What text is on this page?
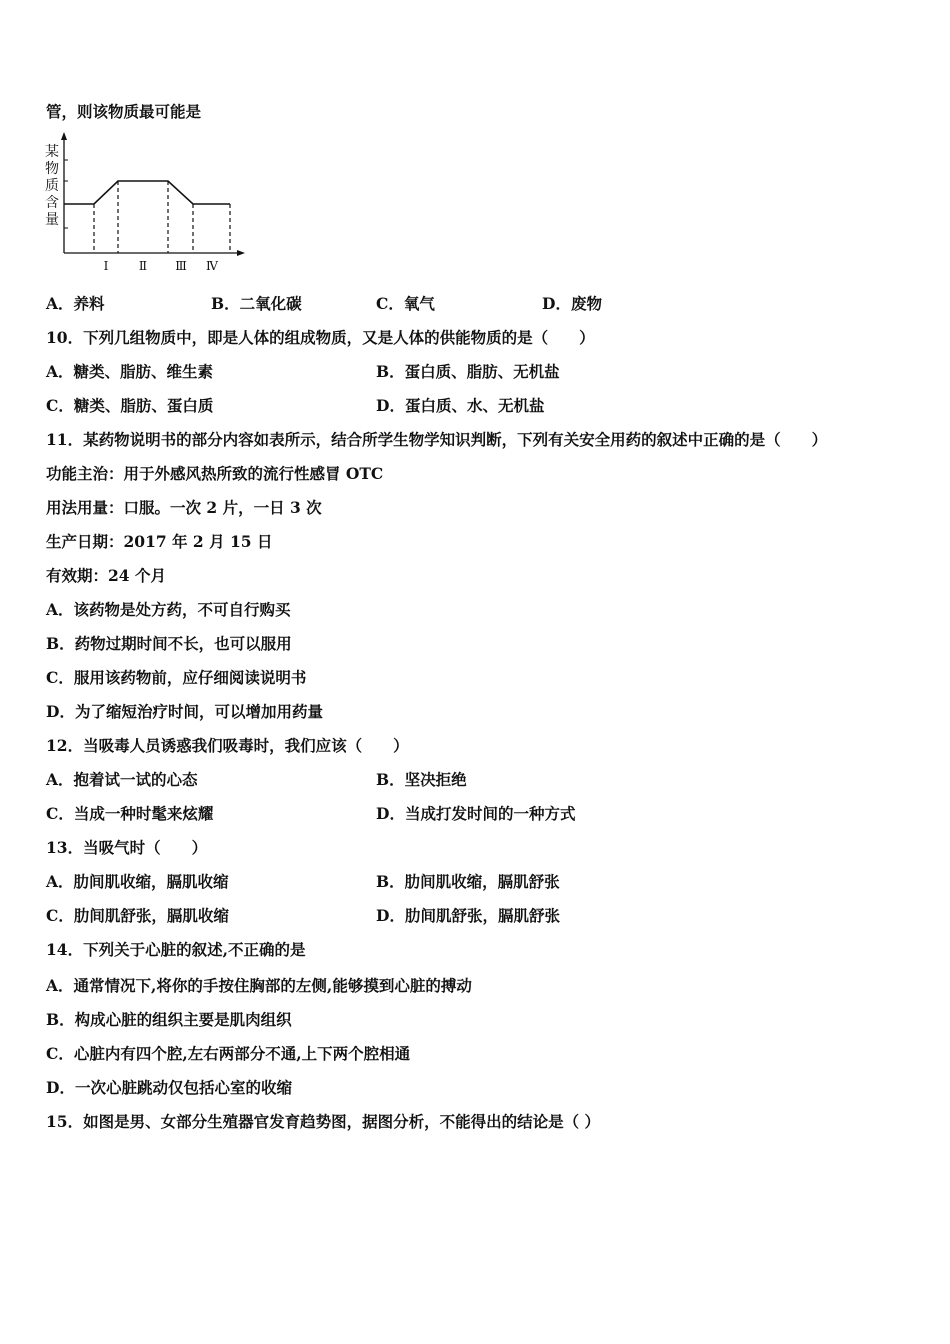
管，则该物质最可能是
某
物
质
含
量
Ⅰ	Ⅱ Ⅲ Ⅳ
A．养料	B．二氧化碳	C．氧气	D．废物
10．下列几组物质中，即是人体的组成物质，又是人体的供能物质的是（　　）
A．糖类、脂肪、维生素	B．蛋白质、脂肪、无机盐
C．糖类、脂肪、蛋白质	D．蛋白质、水、无机盐
11．某药物说明书的部分内容如表所示，结合所学生物学知识判断，下列有关安全用药的叙述中正确的是（　　）
功能主治：用于外感风热所致的流行性感冒 OTC
用法用量：口服。一次 2 片，一日 3 次
生产日期：2017 年 2 月 15 日
有效期：24 个月
A．该药物是处方药，不可自行购买
B．药物过期时间不长，也可以服用
C．服用该药物前，应仔细阅读说明书
D．为了缩短治疗时间，可以增加用药量
12．当吸毒人员诱惑我们吸毒时，我们应该（　　）
A．抱着试一试的心态	B．坚决拒绝
C．当成一种时髦来炫耀	D．当成打发时间的一种方式
13．当吸气时（　　）
A．肋间肌收缩，膈肌收缩	B．肋间肌收缩，膈肌舒张
C．肋间肌舒张，膈肌收缩	D．肋间肌舒张，膈肌舒张
14．下列关于心脏的叙述,不正确的是
A．通常情况下,将你的手按住胸部的左侧,能够摸到心脏的搏动
B．构成心脏的组织主要是肌肉组织
C．心脏内有四个腔,左右两部分不通,上下两个腔相通
D．一次心脏跳动仅包括心室的收缩
15．如图是男、女部分生殖器官发育趋势图，据图分析，不能得出的结论是（ ）
